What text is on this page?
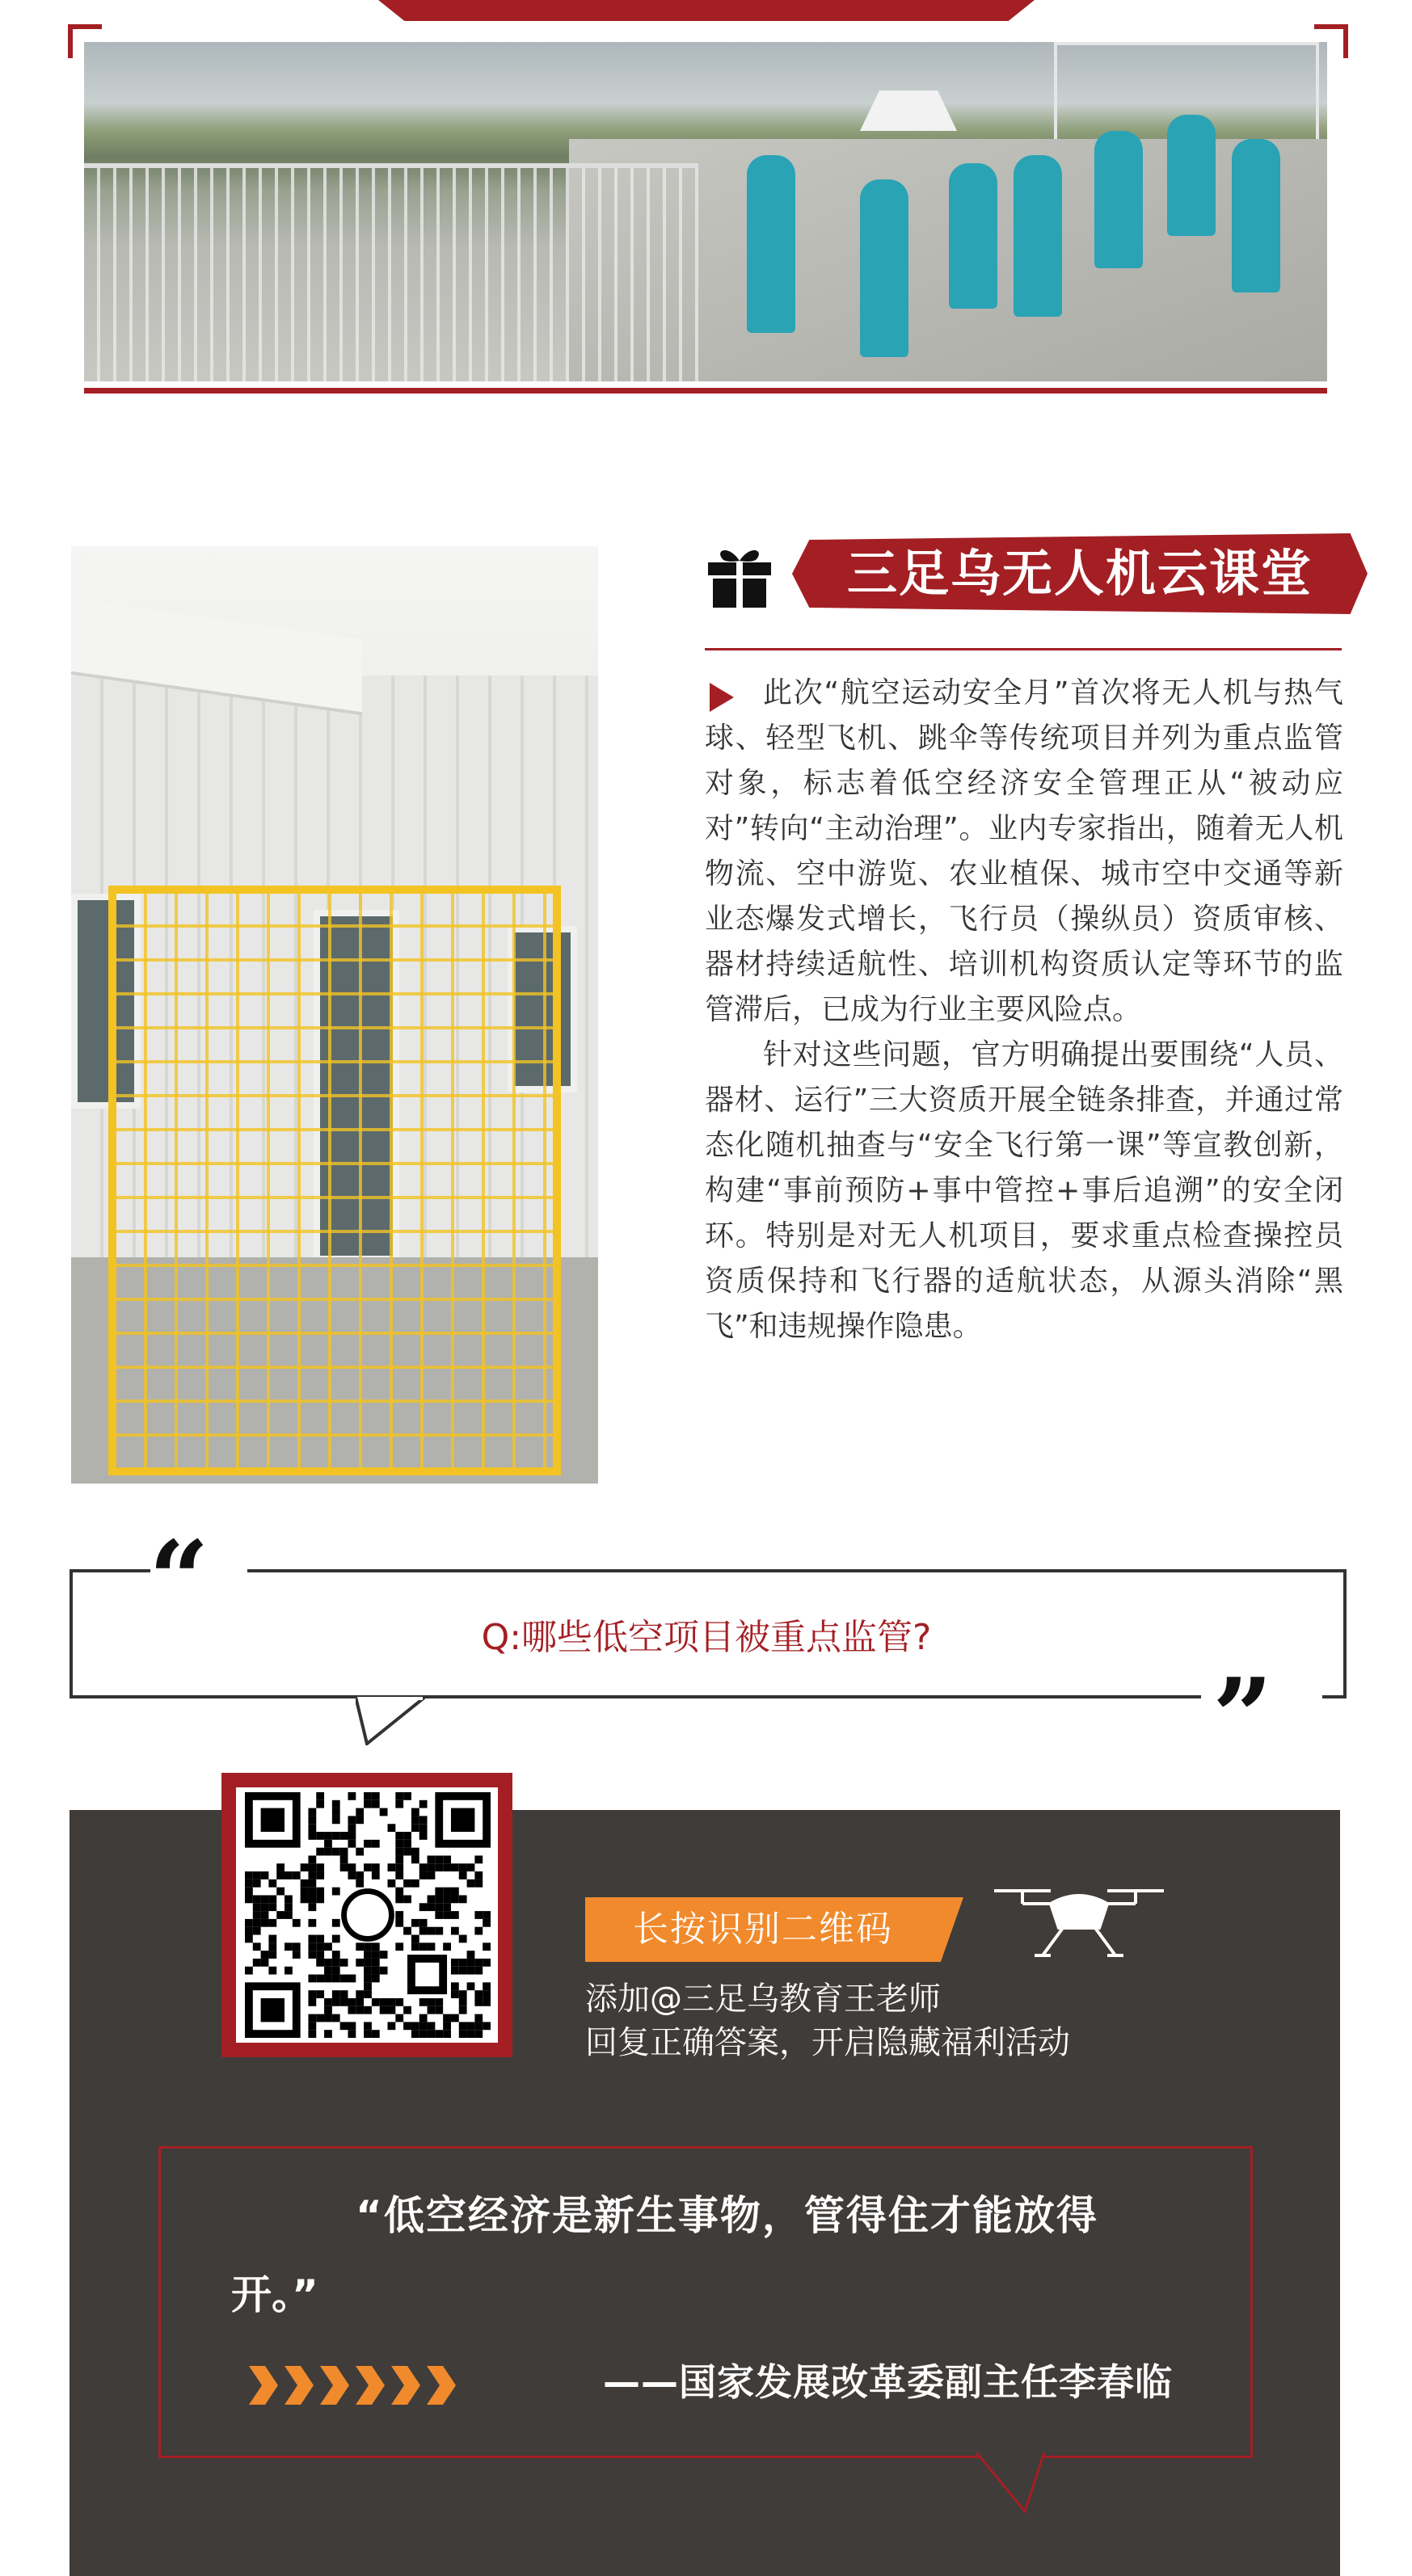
三足乌无人机云课堂

此次“航空运动安全月”首次将无人机与热气球、轻型飞机、跳伞等传统项目并列为重点监管对象，标志着低空经济安全管理正从“被动应对”转向“主动治理”。业内专家指出，随着无人机物流、空中游览、农业植保、城市空中交通等新业态爆发式增长，飞行员（操纵员）资质审核、器材持续适航性、培训机构资质认定等环节的监管滞后，已成为行业主要风险点。

针对这些问题，官方明确提出要围绕“人员、器材、运行”三大资质开展全链条排查，并通过常态化随机抽查与“安全飞行第一课”等宣教创新，构建“事前预防+事中管控+事后追溯”的安全闭环。特别是对无人机项目，要求重点检查操控员资质保持和飞行器的适航状态，从源头消除“黑飞”和违规操作隐患。

“
”
Q:哪些低空项目被重点监管?
长按识别二维码
添加@三足乌教育王老师
回复正确答案，开启隐藏福利活动
“低空经济是新生事物，管得住才能放得
开。”
——国家发展改革委副主任李春临
